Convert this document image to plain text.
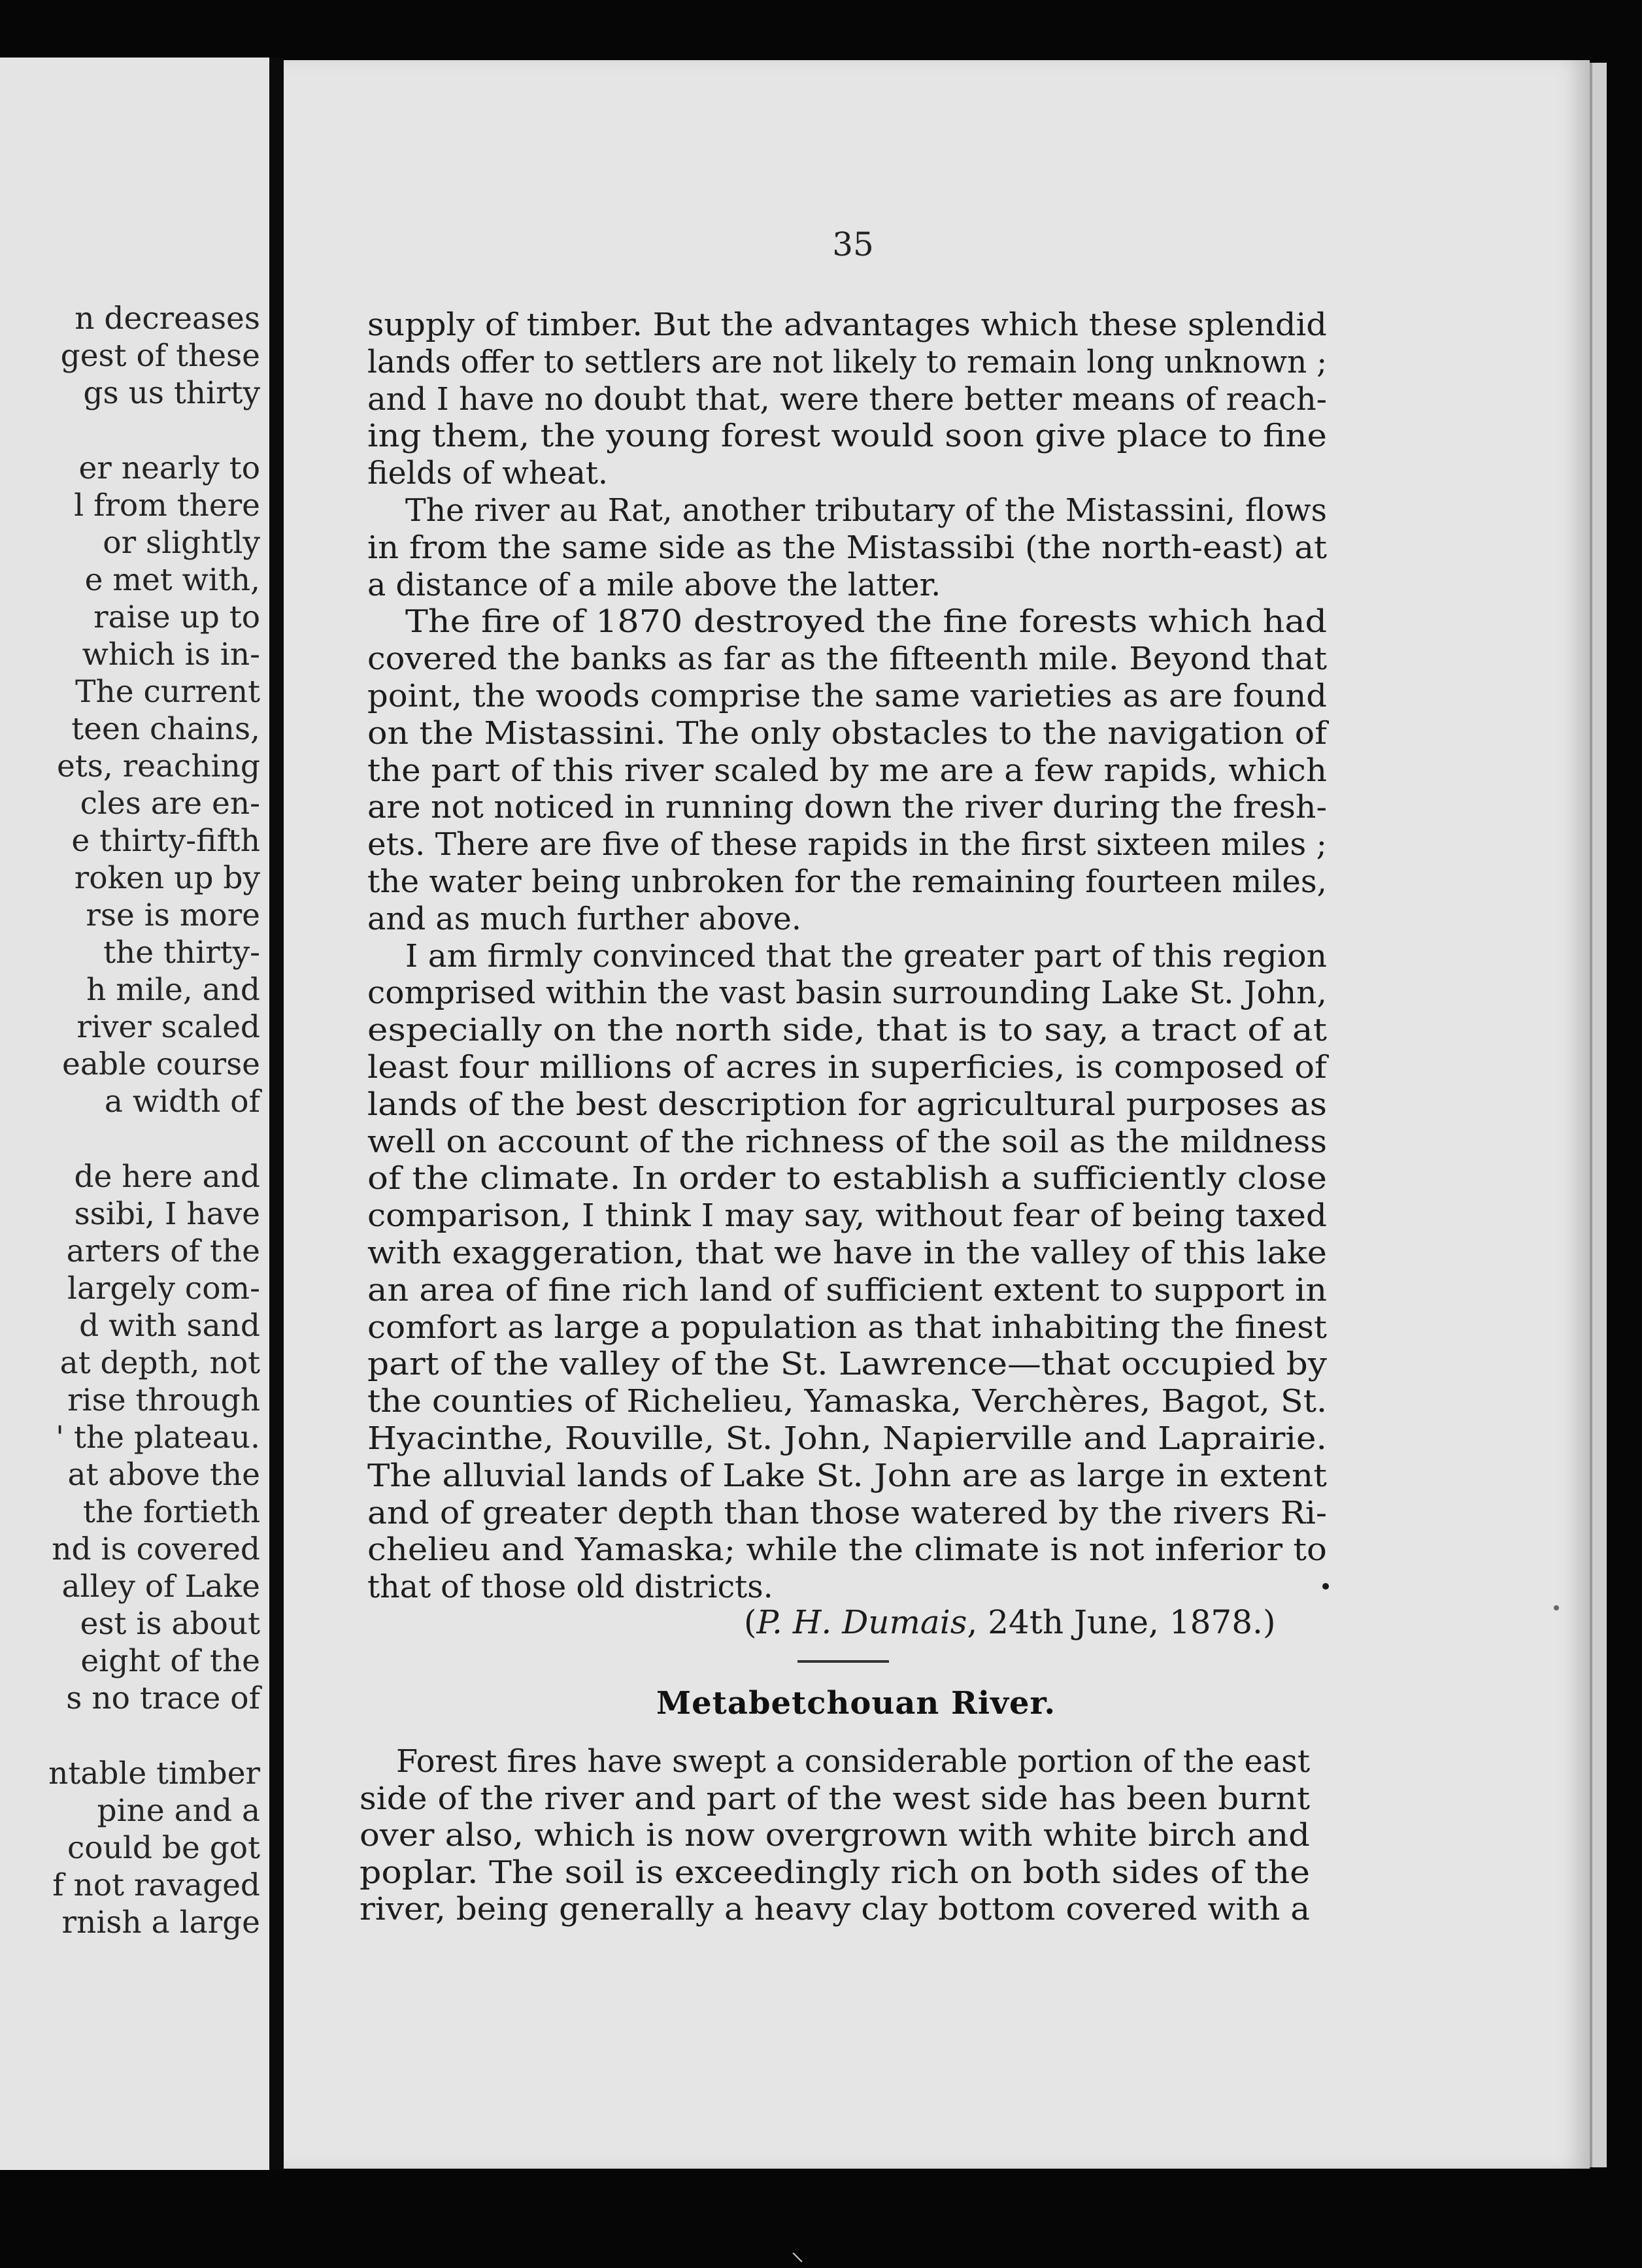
n decreases
gest of these
gs us thirty
er nearly to
l from there
or slightly
e met with,
raise up to
which is in-
The current
teen chains,
ets, reaching
cles are en-
e thirty-fifth
roken up by
rse is more
the thirty-
h mile, and
river scaled
eable course
a width of
de here and
ssibi, I have
arters of the
largely com-
d with sand
at depth, not
rise through
' the plateau.
at above the
the fortieth
nd is covered
alley of Lake
est is about
eight of the
s no trace of
ntable timber
pine and a
could be got
f not ravaged
rnish a large
35
supply of timber. But the advantages which these splendid
lands offer to settlers are not likely to remain long unknown ;
and I have no doubt that, were there better means of reach-
ing them, the young forest would soon give place to fine
fields of wheat.
The river au Rat, another tributary of the Mistassini, flows
in from the same side as the Mistassibi (the north-east) at
a distance of a mile above the latter.
The fire of 1870 destroyed the fine forests which had
covered the banks as far as the fifteenth mile. Beyond that
point, the woods comprise the same varieties as are found
on the Mistassini. The only obstacles to the navigation of
the part of this river scaled by me are a few rapids, which
are not noticed in running down the river during the fresh-
ets. There are five of these rapids in the first sixteen miles ;
the water being unbroken for the remaining fourteen miles,
and as much further above.
I am firmly convinced that the greater part of this region
comprised within the vast basin surrounding Lake St. John,
especially on the north side, that is to say, a tract of at
least four millions of acres in superficies, is composed of
lands of the best description for agricultural purposes as
well on account of the richness of the soil as the mildness
of the climate. In order to establish a sufficiently close
comparison, I think I may say, without fear of being taxed
with exaggeration, that we have in the valley of this lake
an area of fine rich land of sufficient extent to support in
comfort as large a population as that inhabiting the finest
part of the valley of the St. Lawrence—that occupied by
the counties of Richelieu, Yamaska, Verchères, Bagot, St.
Hyacinthe, Rouville, St. John, Napierville and Laprairie.
The alluvial lands of Lake St. John are as large in extent
and of greater depth than those watered by the rivers Ri-
chelieu and Yamaska; while the climate is not inferior to
that of those old districts.
(P. H. Dumais, 24th June, 1878.)
Metabetchouan River.
Forest fires have swept a considerable portion of the east
side of the river and part of the west side has been burnt
over also, which is now overgrown with white birch and
poplar. The soil is exceedingly rich on both sides of the
river, being generally a heavy clay bottom covered with a
⸜
